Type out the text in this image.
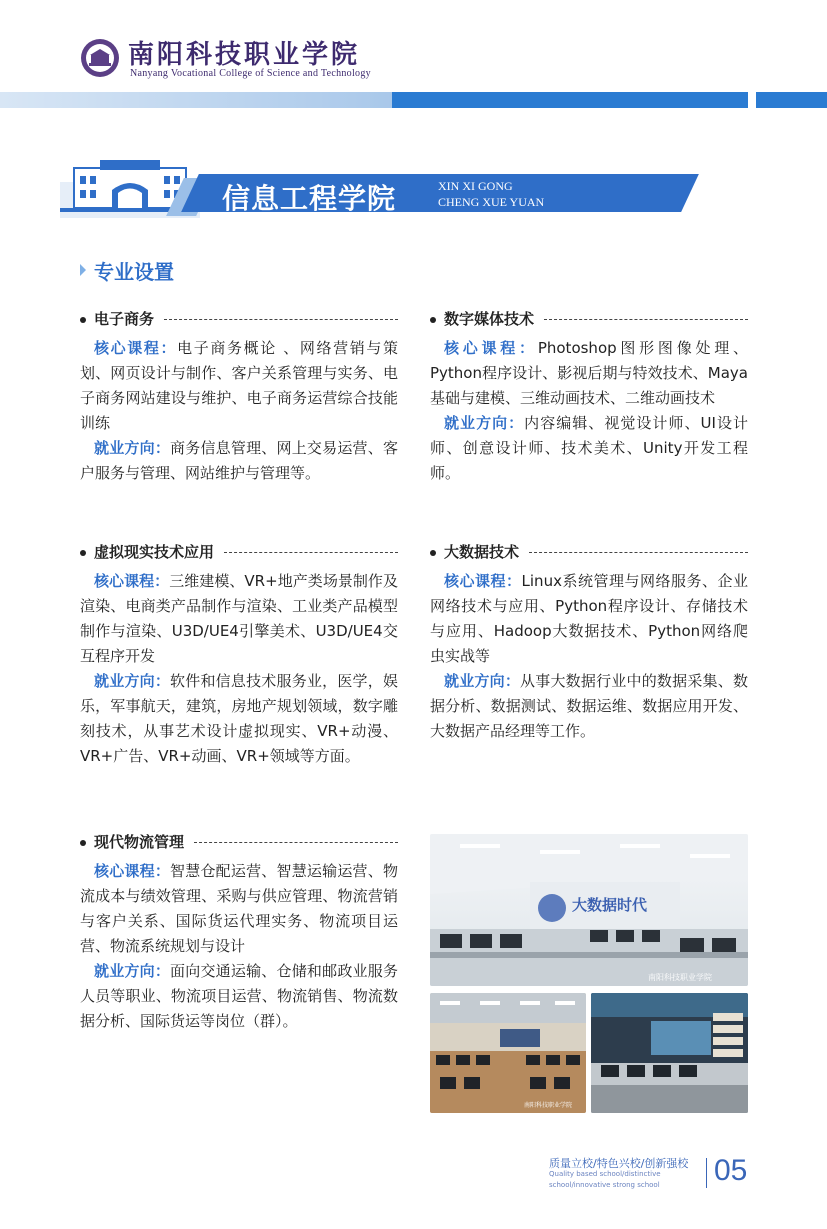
南阳科技职业学院
Nanyang Vocational College of Science and Technology
信息工程学院	XIN XI GONG
CHENG XUE YUAN
专业设置
电子商务

核心课程：电子商务概论 、网络营销与策划、网页设计与制作、客户关系管理与实务、电子商务网站建设与维护、电子商务运营综合技能训练

就业方向：商务信息管理、网上交易运营、客户服务与管理、网站维护与管理等。

数字媒体技术

核心课程：Photoshop图形图像处理、Python程序设计、影视后期与特效技术、Maya基础与建模、三维动画技术、二维动画技术

就业方向：内容编辑、视觉设计师、UI设计师、创意设计师、技术美术、Unity开发工程师。

虚拟现实技术应用

核心课程：三维建模、VR+地产类场景制作及渲染、电商类产品制作与渲染、工业类产品模型制作与渲染、U3D/UE4引擎美术、U3D/UE4交互程序开发

就业方向：软件和信息技术服务业，医学，娱乐，军事航天，建筑，房地产规划领域，数字雕刻技术，从事艺术设计虚拟现实、VR+动漫、VR+广告、VR+动画、VR+领域等方面。

大数据技术

核心课程：Linux系统管理与网络服务、企业网络技术与应用、Python程序设计、存储技术与应用、Hadoop大数据技术、Python网络爬虫实战等

就业方向：从事大数据行业中的数据采集、数据分析、数据测试、数据运维、数据应用开发、大数据产品经理等工作。

现代物流管理

核心课程：智慧仓配运营、智慧运输运营、物流成本与绩效管理、采购与供应管理、物流营销与客户关系、国际货运代理实务、物流项目运营、物流系统规划与设计

就业方向：面向交通运输、仓储和邮政业服务人员等职业、物流项目运营、物流销售、物流数据分析、国际货运等岗位（群）。

大数据时代
南阳科技职业学院
南阳科技职业学院
质量立校/特色兴校/创新强校
Quality based school/distinctive school/innovative strong school	05
